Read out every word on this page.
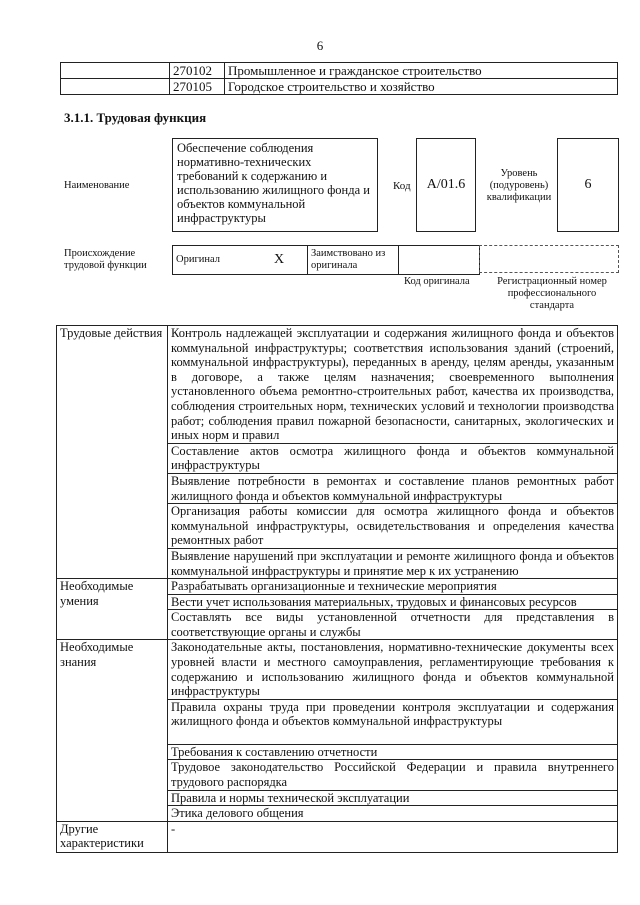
6
	270102	Промышленное и гражданское строительство
	270105	Городское строительство и хозяйство
3.1.1. Трудовая функция
Наименование
Обеспечение соблюдения нормативно-технических требований к содержанию и использованию жилищного фонда и объектов коммунальной инфраструктуры
Код	A/01.6
Уровень (подуровень) квалификации
6
Происхождение трудовой функции
Оригинал	X	Заимствовано из оригинала	
Код оригинала	Регистрационный номер профессионального стандарта
Трудовые действия	Контроль надлежащей эксплуатации и содержания жилищного фонда и объектов коммунальной инфраструктуры; соответствия использования зданий (строений, коммунальной инфраструктуры), переданных в аренду, целям аренды, указанным в договоре, а также целям назначения; своевременного выполнения установленного объема ремонтно-строительных работ, качества их производства, соблюдения строительных норм, технических условий и технологии производства работ; соблюдения правил пожарной безопасности, санитарных, экологических и иных норм и правил
	Составление актов осмотра жилищного фонда и объектов коммунальной инфраструктуры
	Выявление потребности в ремонтах и составление планов ремонтных работ жилищного фонда и объектов коммунальной инфраструктуры
	Организация работы комиссии для осмотра жилищного фонда и объектов коммунальной инфраструктуры, освидетельствования и определения качества ремонтных работ
	Выявление нарушений при эксплуатации и ремонте жилищного фонда и объектов коммунальной инфраструктуры и принятие мер к их устранению
Необходимые умения	Разрабатывать организационные и технические мероприятия
	Вести учет использования материальных, трудовых и финансовых ресурсов
	Составлять все виды установленной отчетности для представления в соответствующие органы и службы
Необходимые знания	Законодательные акты, постановления, нормативно-технические документы всех уровней власти и местного самоуправления, регламентирующие требования к содержанию и использованию жилищного фонда и объектов коммунальной инфраструктуры
	Правила охраны труда при проведении контроля эксплуатации и содержания жилищного фонда и объектов коммунальной инфраструктуры
	Требования к составлению отчетности
	Трудовое законодательство Российской Федерации и правила внутреннего трудового распорядка
	Правила и нормы технической эксплуатации
	Этика делового общения
Другие характеристики	-
